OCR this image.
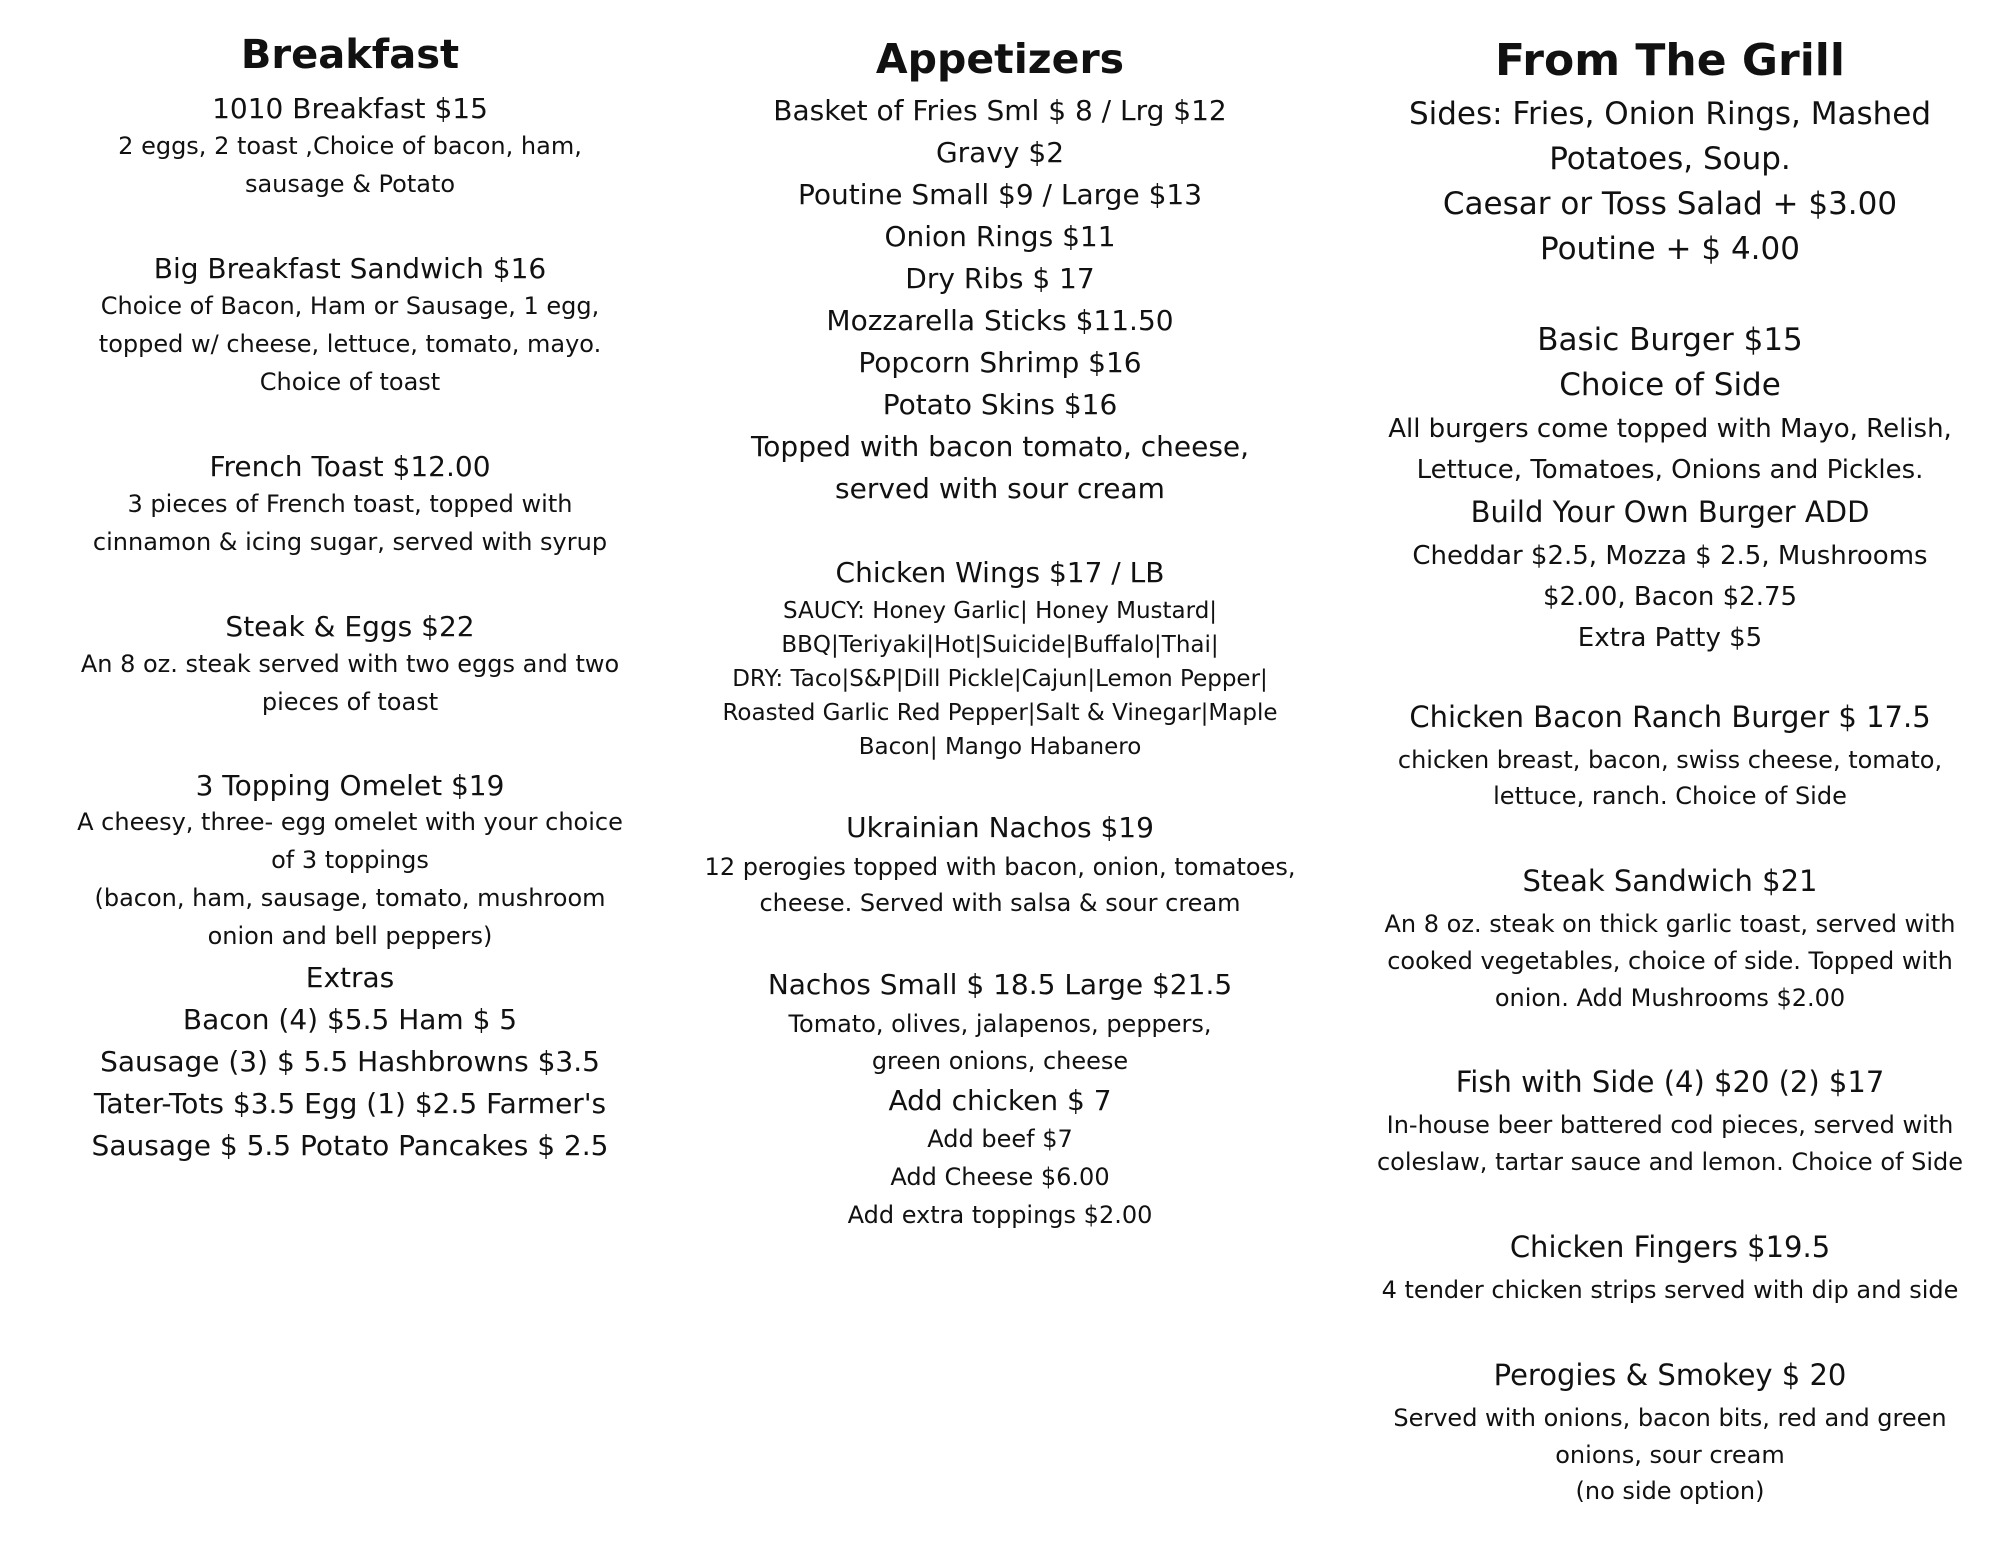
Breakfast
1010 Breakfast $15
2 eggs, 2 toast ,Choice of bacon, ham,
sausage & Potato
Big Breakfast Sandwich $16
Choice of Bacon, Ham or Sausage, 1 egg,
topped w/ cheese, lettuce, tomato, mayo.
Choice of toast
French Toast $12.00
3 pieces of French toast, topped with
cinnamon & icing sugar, served with syrup
Steak & Eggs $22
An 8 oz. steak served with two eggs and two
pieces of toast
3 Topping Omelet $19
A cheesy, three- egg omelet with your choice
of 3 toppings
(bacon, ham, sausage, tomato, mushroom
onion and bell peppers)
Extras
Bacon (4) $5.5 Ham $ 5
Sausage (3) $ 5.5 Hashbrowns $3.5
Tater-Tots $3.5 Egg (1) $2.5 Farmer's
Sausage $ 5.5 Potato Pancakes $ 2.5
Appetizers
Basket of Fries Sml $ 8 / Lrg $12
Gravy $2
Poutine Small $9 / Large $13
Onion Rings $11
Dry Ribs $ 17
Mozzarella Sticks $11.50
Popcorn Shrimp $16
Potato Skins $16
Topped with bacon tomato, cheese,
served with sour cream
Chicken Wings $17 / LB
SAUCY: Honey Garlic| Honey Mustard|
BBQ|Teriyaki|Hot|Suicide|Buffalo|Thai|
DRY: Taco|S&P|Dill Pickle|Cajun|Lemon Pepper|
Roasted Garlic Red Pepper|Salt & Vinegar|Maple
Bacon| Mango Habanero
Ukrainian Nachos $19
12 perogies topped with bacon, onion, tomatoes,
cheese. Served with salsa & sour cream
Nachos Small $ 18.5 Large $21.5
Tomato, olives, jalapenos, peppers,
green onions, cheese
Add chicken $ 7
Add beef $7
Add Cheese $6.00
Add extra toppings $2.00
From The Grill
Sides: Fries, Onion Rings, Mashed
Potatoes, Soup.
Caesar or Toss Salad + $3.00
Poutine + $ 4.00
Basic Burger $15
Choice of Side
All burgers come topped with Mayo, Relish,
Lettuce, Tomatoes, Onions and Pickles.
Build Your Own Burger ADD
Cheddar $2.5, Mozza $ 2.5, Mushrooms
$2.00, Bacon $2.75
Extra Patty $5
Chicken Bacon Ranch Burger $ 17.5
chicken breast, bacon, swiss cheese, tomato,
lettuce, ranch. Choice of Side
Steak Sandwich $21
An 8 oz. steak on thick garlic toast, served with
cooked vegetables, choice of side. Topped with
onion. Add Mushrooms $2.00
Fish with Side (4) $20 (2) $17
In-house beer battered cod pieces, served with
coleslaw, tartar sauce and lemon. Choice of Side
Chicken Fingers $19.5
4 tender chicken strips served with dip and side
Perogies & Smokey $ 20
Served with onions, bacon bits, red and green
onions, sour cream
(no side option)
